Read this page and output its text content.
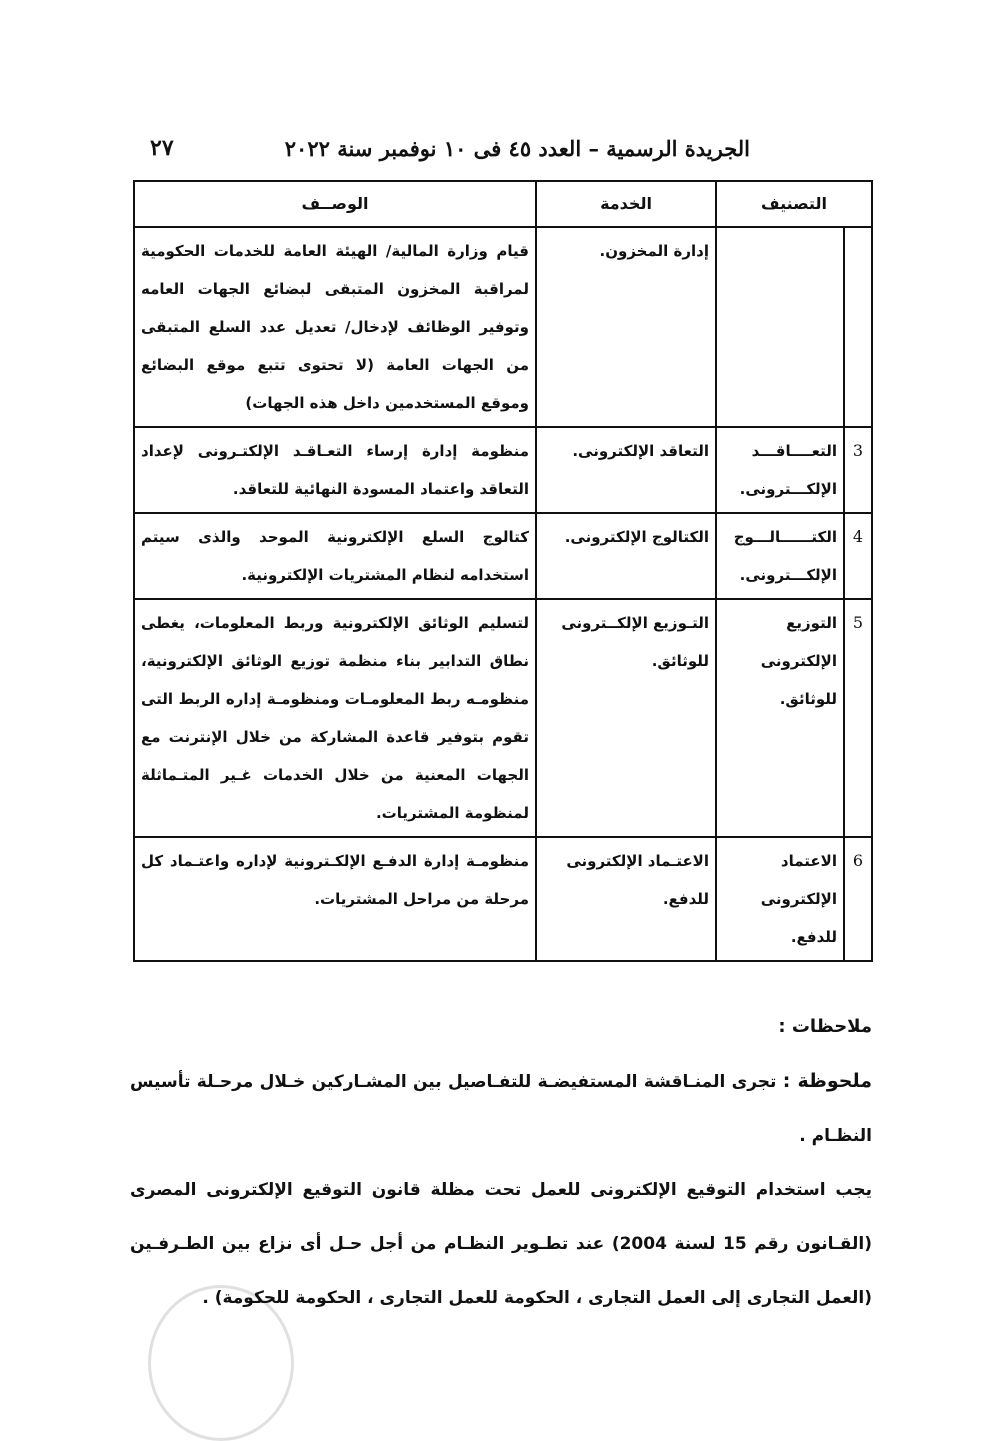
الجريدة الرسمية – العدد ٤٥ فى ١٠ نوفمبر سنة ٢٠٢٢
٢٧
التصنيف		الخدمة	الوصــف
		إدارة المخزون.	قيام وزارة المالية/ الهيئة العامة للخدمات الحكومية لمراقبة المخزون المتبقى لبضائع الجهات العامه وتوفير الوظائف لإدخال/ تعديل عدد السلع المتبقى من الجهات العامة (لا تحتوى تتبع موقع البضائع وموقع المستخدمين داخل هذه الجهات)
3	التعــــاقـــد الإلكـــترونى.	التعاقد الإلكترونى.	منظومة إدارة إرساء التعـاقـد الإلكتـرونى لإعداد التعاقد واعتماد المسودة النهائية للتعاقد.
4	الكتــــــالـــوج الإلكـــترونى.	الكتالوج الإلكترونى.	كتالوج السلع الإلكترونية الموحد والذى سيتم استخدامه لنظام المشتريات الإلكترونية.
5	التوزيع الإلكترونى للوثائق.	التـوزيع الإلكــترونى للوثائق.	لتسليم الوثائق الإلكترونية وربط المعلومات، يغطى نطاق التدابير بناء منظمة توزيع الوثائق الإلكترونية، منظومـه ربط المعلومـات ومنظومـة إداره الربط التى تقوم بتوفير قاعدة المشاركة من خلال الإنترنت مع الجهات المعنية من خلال الخدمات غـير المتـماثلة لمنظومة المشتريات.
6	الاعتماد الإلكترونى للدفع.	الاعتـماد الإلكترونى للدفع.	منظومـة إدارة الدفـع الإلكـترونية لإداره واعتـماد كل مرحلة من مراحل المشتريات.

ملاحظات :

ملحوظة : تجرى المنـاقشة المستفيضـة للتفـاصيل بين المشـاركين خـلال مرحـلة تأسيس النظـام .

يجب استخدام التوقيع الإلكترونى للعمل تحت مظلة قانون التوقيع الإلكترونى المصرى (القـانون رقم 15 لسنة 2004) عند تطـوير النظـام من أجل حـل أى نزاع بين الطـرفـين (العمل التجارى إلى العمل التجارى ، الحكومة للعمل التجارى ، الحكومة للحكومة) .
